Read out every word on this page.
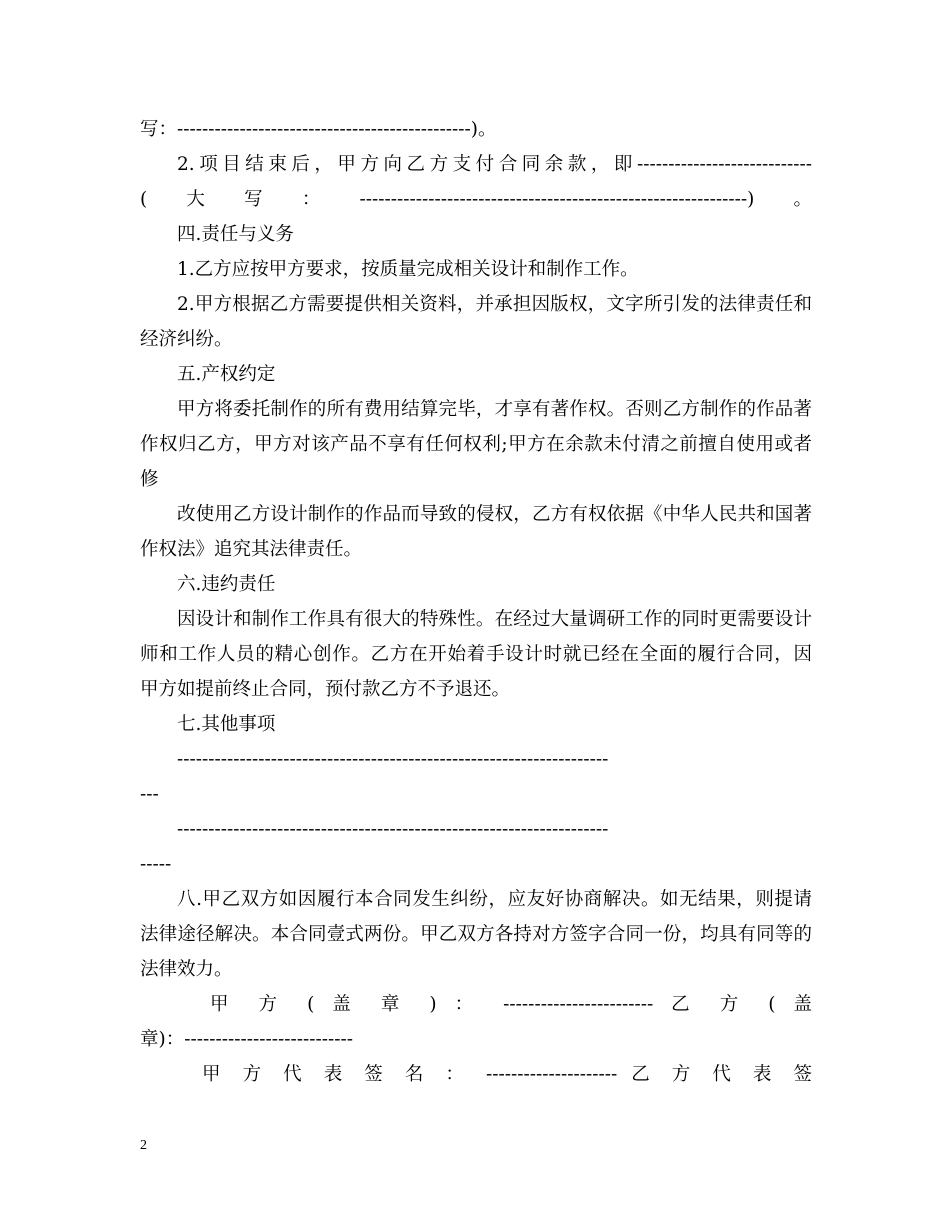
写：-----------------------------------------------)。
2.项目结束后，甲方向乙方支付合同余款，即----------------------------
(大写：--------------------------------------------------------------)。
四.责任与义务
1.乙方应按甲方要求，按质量完成相关设计和制作工作。
2.甲方根据乙方需要提供相关资料，并承担因版权，文字所引发的法律责任和
经济纠纷。
五.产权约定
甲方将委托制作的所有费用结算完毕，才享有著作权。否则乙方制作的作品著
作权归乙方，甲方对该产品不享有任何权利;甲方在余款未付清之前擅自使用或者
修
改使用乙方设计制作的作品而导致的侵权，乙方有权依据《中华人民共和国著
作权法》追究其法律责任。
六.违约责任
因设计和制作工作具有很大的特殊性。在经过大量调研工作的同时更需要设计
师和工作人员的精心创作。乙方在开始着手设计时就已经在全面的履行合同，因
甲方如提前终止合同，预付款乙方不予退还。
七.其他事项
---------------------------------------------------------------------
---
---------------------------------------------------------------------
-----
八.甲乙双方如因履行本合同发生纠纷，应友好协商解决。如无结果，则提请
法律途径解决。本合同壹式两份。甲乙双方各持对方签字合同一份，均具有同等的
法律效力。
甲 方 ( 盖 章 ) ： ------------------------ 乙 方 ( 盖
章)：---------------------------
甲 方 代 表 签 名 ： --------------------- 乙 方 代 表 签
2
